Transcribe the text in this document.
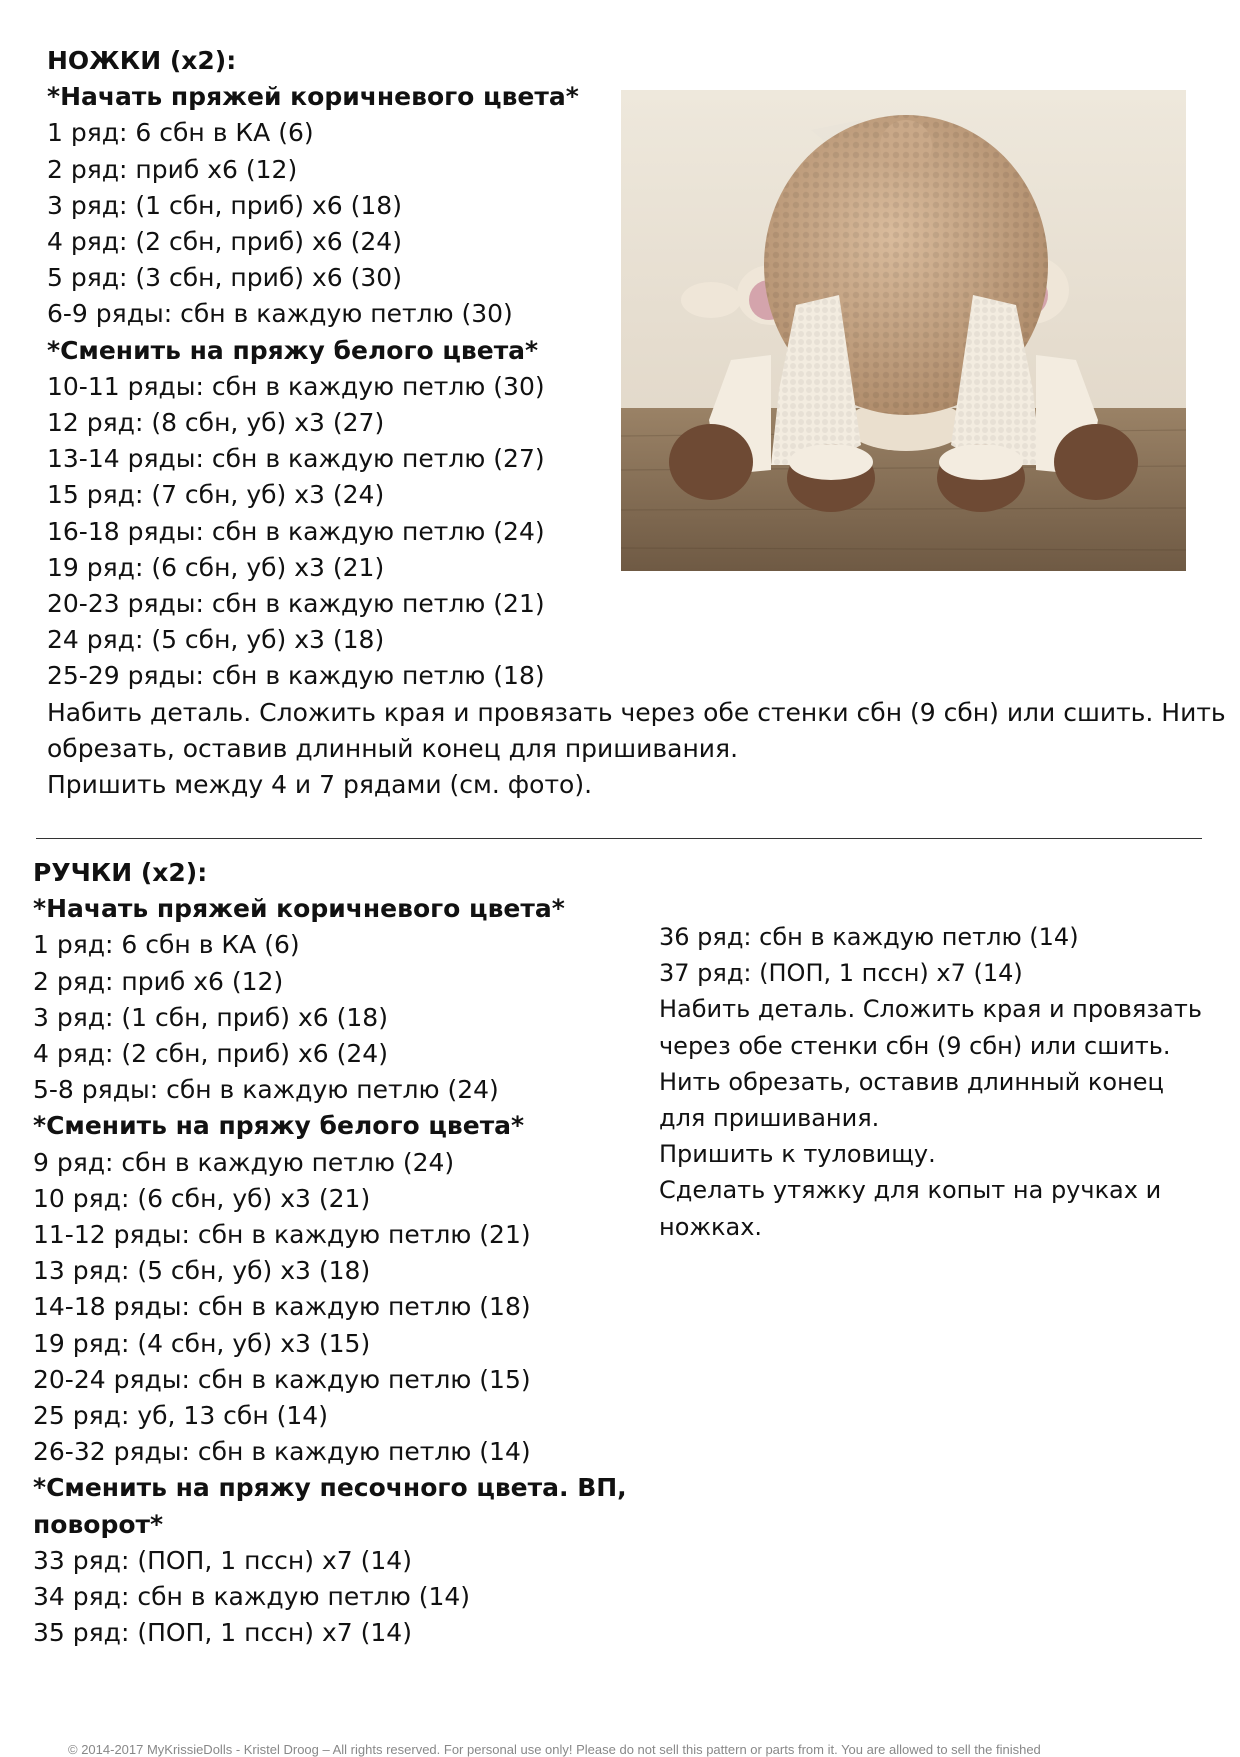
НОЖКИ (x2):
*Начать пряжей коричневого цвета*
1 ряд: 6 сбн в КА (6)
2 ряд: приб х6 (12)
3 ряд: (1 сбн, приб) х6 (18)
4 ряд: (2 сбн, приб) х6 (24)
5 ряд: (3 сбн, приб) х6 (30)
6-9 ряды: сбн в каждую петлю (30)
*Сменить на пряжу белого цвета*
10-11 ряды: сбн в каждую петлю (30)
12 ряд: (8 сбн, уб) х3 (27)
13-14 ряды: сбн в каждую петлю (27)
15 ряд: (7 сбн, уб) х3 (24)
16-18 ряды: сбн в каждую петлю (24)
19 ряд: (6 сбн, уб) х3 (21)
20-23 ряды: сбн в каждую петлю (21)
24 ряд: (5 сбн, уб) х3 (18)
25-29 ряды: сбн в каждую петлю (18)
Набить деталь. Сложить края и провязать через обе стенки сбн (9 сбн) или сшить. Нить
обрезать, оставив длинный конец для пришивания.
Пришить между 4 и 7 рядами (см. фото).
РУЧКИ (x2):
*Начать пряжей коричневого цвета*
1 ряд: 6 сбн в КА (6)
2 ряд: приб х6 (12)
3 ряд: (1 сбн, приб) х6 (18)
4 ряд: (2 сбн, приб) х6 (24)
5-8 ряды: сбн в каждую петлю (24)
*Сменить на пряжу белого цвета*
9 ряд: сбн в каждую петлю (24)
10 ряд: (6 сбн, уб) х3 (21)
11-12 ряды: сбн в каждую петлю (21)
13 ряд: (5 сбн, уб) х3 (18)
14-18 ряды: сбн в каждую петлю (18)
19 ряд: (4 сбн, уб) х3 (15)
20-24 ряды: сбн в каждую петлю (15)
25 ряд: уб, 13 сбн (14)
26-32 ряды: сбн в каждую петлю (14)
*Сменить на пряжу песочного цвета. ВП,
поворот*
33 ряд: (ПОП, 1 пссн) х7 (14)
34 ряд: сбн в каждую петлю (14)
35 ряд: (ПОП, 1 пссн) х7 (14)
36 ряд: сбн в каждую петлю (14)
37 ряд: (ПОП, 1 пссн) х7 (14)
Набить деталь. Сложить края и провязать
через обе стенки сбн (9 сбн) или сшить.
Нить обрезать, оставив длинный конец
для пришивания.
Пришить к туловищу.
Сделать утяжку для копыт на ручках и
ножках.
© 2014-2017 MyKrissieDolls - Kristel Droog – All rights reserved. For personal use only! Please do not sell this pattern or parts from it. You are allowed to sell the finished
